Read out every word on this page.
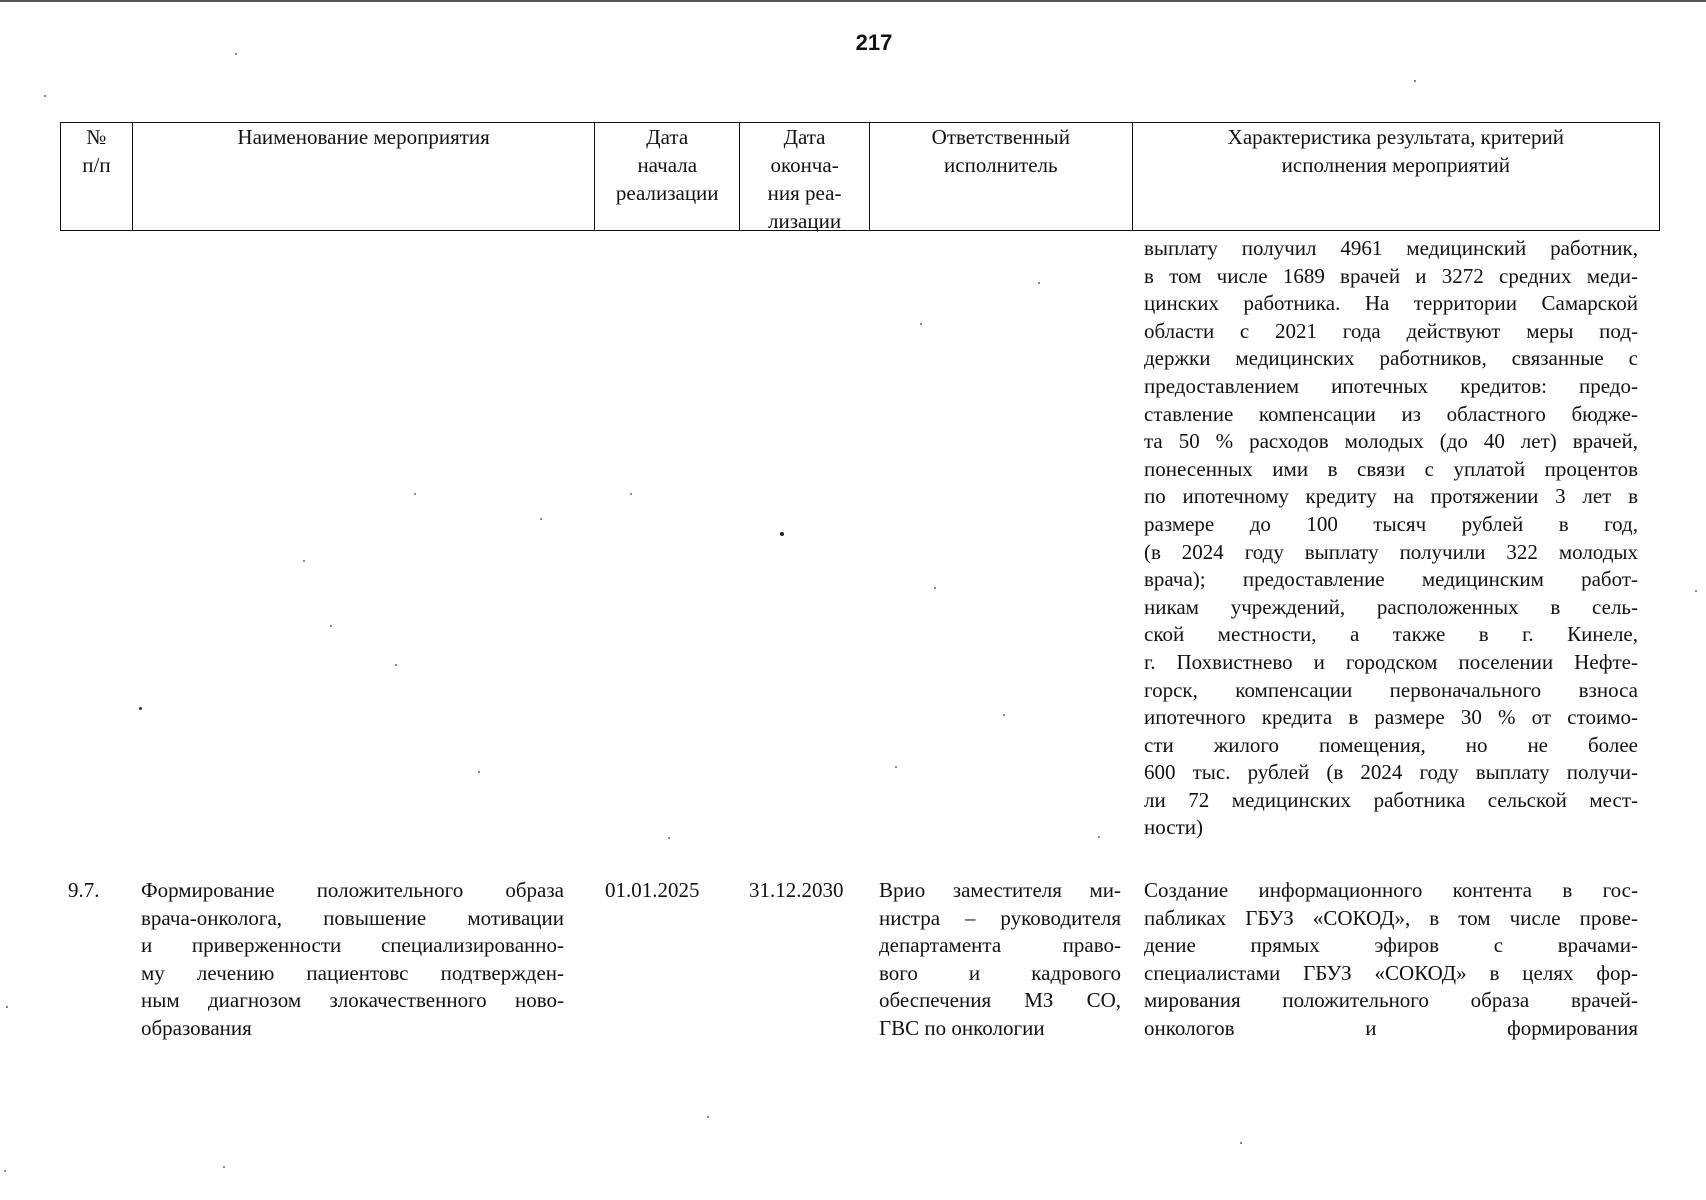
217
№
п/п
Наименование мероприятия	Дата
начала
реализации
Дата
оконча-
ния реа-
лизации
Ответственный
исполнитель
Характеристика результата, критерий
исполнения мероприятий
выплату получил 4961 медицинский работник,
в том числе 1689 врачей и 3272 средних меди-
цинских работника. На территории Самарской
области с 2021 года действуют меры под-
держки медицинских работников, связанные с
предоставлением ипотечных кредитов: предо-
ставление компенсации из областного бюдже-
та 50 % расходов молодых (до 40 лет) врачей,
понесенных ими в связи с уплатой процентов
по ипотечному кредиту на протяжении 3 лет в
размере до 100 тысяч рублей в год,
(в 2024 году выплату получили 322 молодых
врача); предоставление медицинским работ-
никам учреждений, расположенных в сель-
ской местности, а также в г. Кинеле,
г. Похвистнево и городском поселении Нефте-
горск, компенсации первоначального взноса
ипотечного кредита в размере 30 % от стоимо-
сти жилого помещения, но не более
600 тыс. рублей (в 2024 году выплату получи-
ли 72 медицинских работника сельской мест-
ности)
9.7. Формирование положительного образа
врача-онколога, повышение мотивации
и приверженности специализированно-
му лечению пациентовс подтвержден-
ным диагнозом злокачественного ново-
образования
01.01.2025 31.12.2030 Врио заместителя ми-
нистра – руководителя
департамента право-
вого и кадрового
обеспечения МЗ СО,
ГВС по онкологии
Создание информационного контента в гос-
пабликах ГБУЗ «СОКОД», в том числе прове-
дение прямых эфиров с врачами-
специалистами ГБУЗ «СОКОД» в целях фор-
мирования положительного образа врачей-
онкологов и формирования
